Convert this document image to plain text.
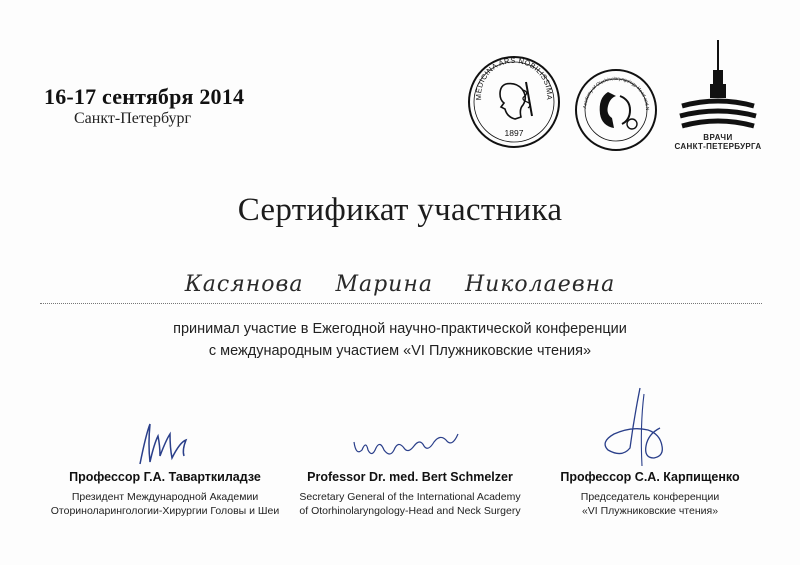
16-17 сентября 2014
Санкт-Петербург
MEDICINA ARS NOBILISSIMA
1897
Academy of Otorhinolaryngology-Head and N
ВРАЧИ
САНКТ-ПЕТЕРБУРГА
Сертификат участника
Касянова Марина Николаевна
принимал участие в Ежегодной научно-практической конференции
с международным участием «VI Плужниковские чтения»
Профессор Г.А. Таварткиладзе
Президент Международной Академии
Оториноларингологии-Хирургии Головы и Шеи
Professor Dr. med. Bert Schmelzer
Secretary General of the International Academy
of Otorhinolaryngology-Head and Neck Surgery
Профессор С.А. Карпищенко
Председатель конференции
«VI Плужниковские чтения»
